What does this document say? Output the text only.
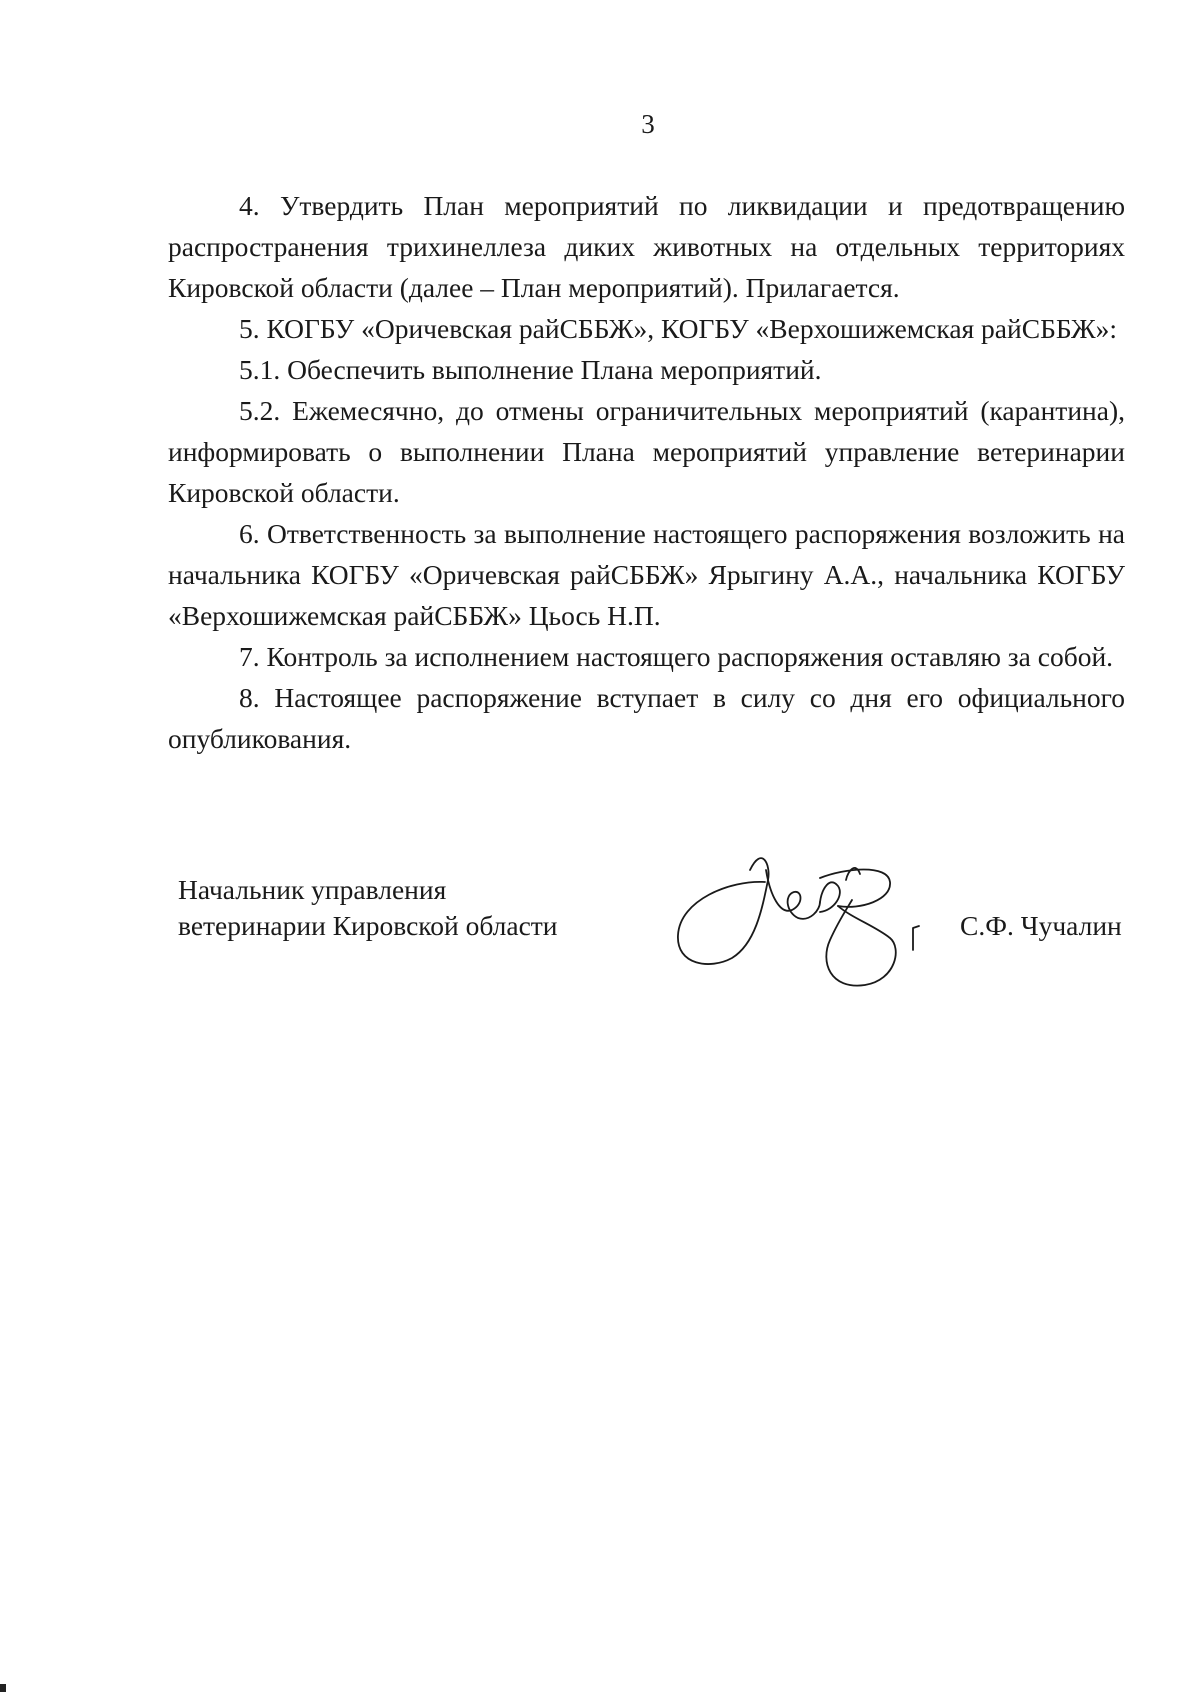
3

4. Утвердить План мероприятий по ликвидации и предотвращению распространения трихинеллеза диких животных на отдельных территориях Кировской области (далее – План мероприятий). Прилагается.

5. КОГБУ «Оричевская райСББЖ», КОГБУ «Верхошижемская райСББЖ»:

5.1. Обеспечить выполнение Плана мероприятий.

5.2. Ежемесячно, до отмены ограничительных мероприятий (карантина), информировать о выполнении Плана мероприятий управление ветеринарии Кировской области.

6. Ответственность за выполнение настоящего распоряжения возложить на начальника КОГБУ «Оричевская райСББЖ» Ярыгину А.А., начальника КОГБУ «Верхошижемская райСББЖ» Цьось Н.П.

7. Контроль за исполнением настоящего распоряжения оставляю за собой.

8. Настоящее распоряжение вступает в силу со дня его официального опубликования.

Начальник управления
ветеринарии Кировской области	С.Ф. Чучалин
